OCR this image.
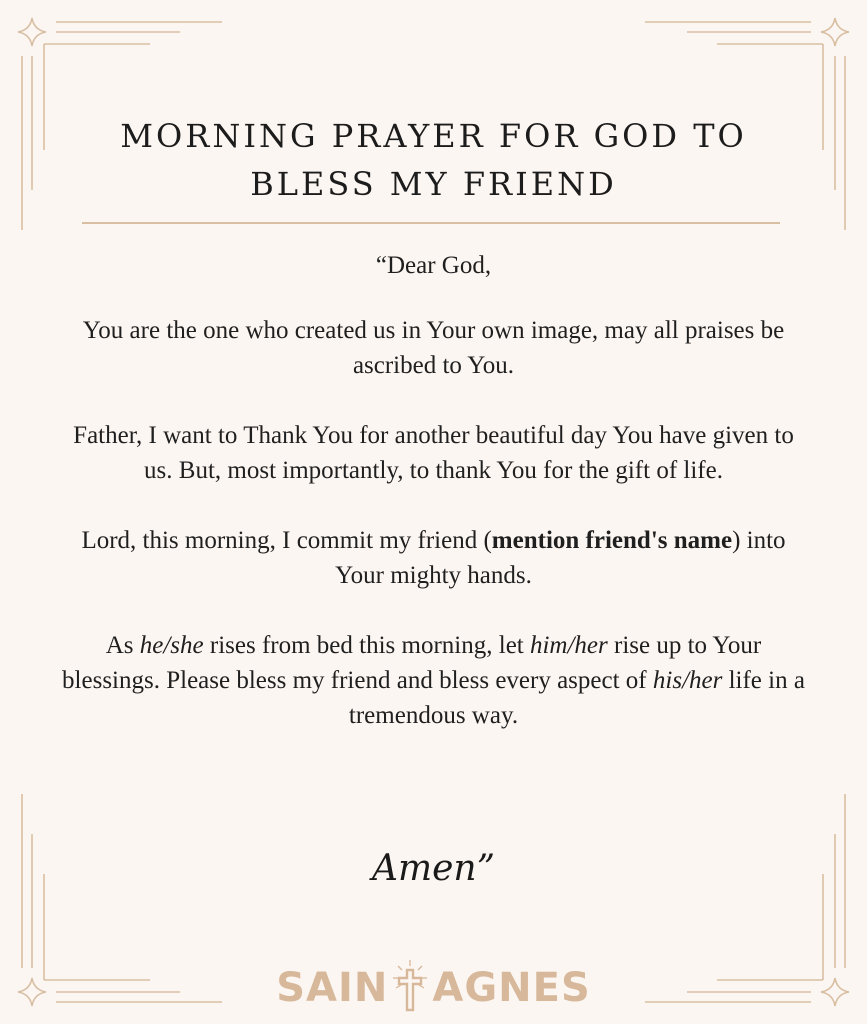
MORNING PRAYER FOR GOD TO
BLESS MY FRIEND

“Dear God,

You are the one who created us in Your own image, may all praises be ascribed to You.

Father, I want to Thank You for another beautiful day You have given to us. But, most importantly, to thank You for the gift of life.

Lord, this morning, I commit my friend (mention friend's name) into Your mighty hands.

As he/she rises from bed this morning, let him/her rise up to Your blessings. Please bless my friend and bless every aspect of his/her life in a tremendous way.

Amen”
SAIN AGNES
